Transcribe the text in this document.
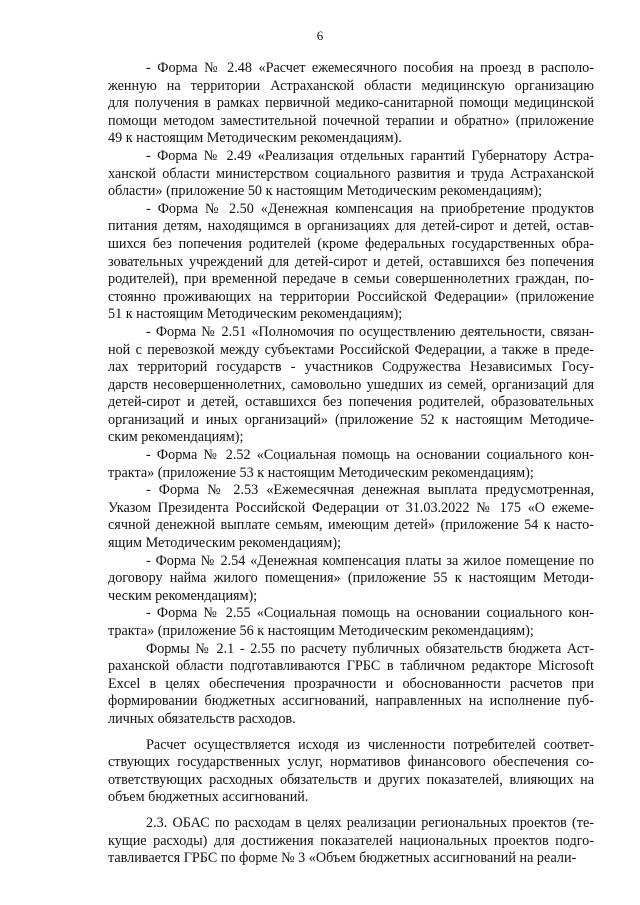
6
- Форма № 2.48 «Расчет ежемесячного пособия на проезд в располо-
женную на территории Астраханской области медицинскую организацию
для получения в рамках первичной медико-санитарной помощи медицинской
помощи методом заместительной почечной терапии и обратно» (приложение
49 к настоящим Методическим рекомендациям).
- Форма № 2.49 «Реализация отдельных гарантий Губернатору Астра-
ханской области министерством социального развития и труда Астраханской
области» (приложение 50 к настоящим Методическим рекомендациям);
- Форма № 2.50 «Денежная компенсация на приобретение продуктов
питания детям, находящимся в организациях для детей-сирот и детей, остав-
шихся без попечения родителей (кроме федеральных государственных обра-
зовательных учреждений для детей-сирот и детей, оставшихся без попечения
родителей), при временной передаче в семьи совершеннолетних граждан, по-
стоянно проживающих на территории Российской Федерации» (приложение
51 к настоящим Методическим рекомендациям);
- Форма № 2.51 «Полномочия по осуществлению деятельности, связан-
ной с перевозкой между субъектами Российской Федерации, а также в преде-
лах территорий государств - участников Содружества Независимых Госу-
дарств несовершеннолетних, самовольно ушедших из семей, организаций для
детей-сирот и детей, оставшихся без попечения родителей, образовательных
организаций и иных организаций» (приложение 52 к настоящим Методиче-
ским рекомендациям);
- Форма № 2.52 «Социальная помощь на основании социального кон-
тракта» (приложение 53 к настоящим Методическим рекомендациям);
- Форма № 2.53 «Ежемесячная денежная выплата предусмотренная,
Указом Президента Российской Федерации от 31.03.2022 № 175 «О ежеме-
сячной денежной выплате семьям, имеющим детей» (приложение 54 к насто-
ящим Методическим рекомендациям);
- Форма № 2.54 «Денежная компенсация платы за жилое помещение по
договору найма жилого помещения» (приложение 55 к настоящим Методи-
ческим рекомендациям);
- Форма № 2.55 «Социальная помощь на основании социального кон-
тракта» (приложение 56 к настоящим Методическим рекомендациям);
Формы № 2.1 - 2.55 по расчету публичных обязательств бюджета Аст-
раханской области подготавливаются ГРБС в табличном редакторе Microsoft
Excel в целях обеспечения прозрачности и обоснованности расчетов при
формировании бюджетных ассигнований, направленных на исполнение пуб-
личных обязательств расходов.
Расчет осуществляется исходя из численности потребителей соответ-
ствующих государственных услуг, нормативов финансового обеспечения со-
ответствующих расходных обязательств и других показателей, влияющих на
объем бюджетных ассигнований.
2.3. ОБАС по расходам в целях реализации региональных проектов (те-
кущие расходы) для достижения показателей национальных проектов подго-
тавливается ГРБС по форме № 3 «Объем бюджетных ассигнований на реали-
